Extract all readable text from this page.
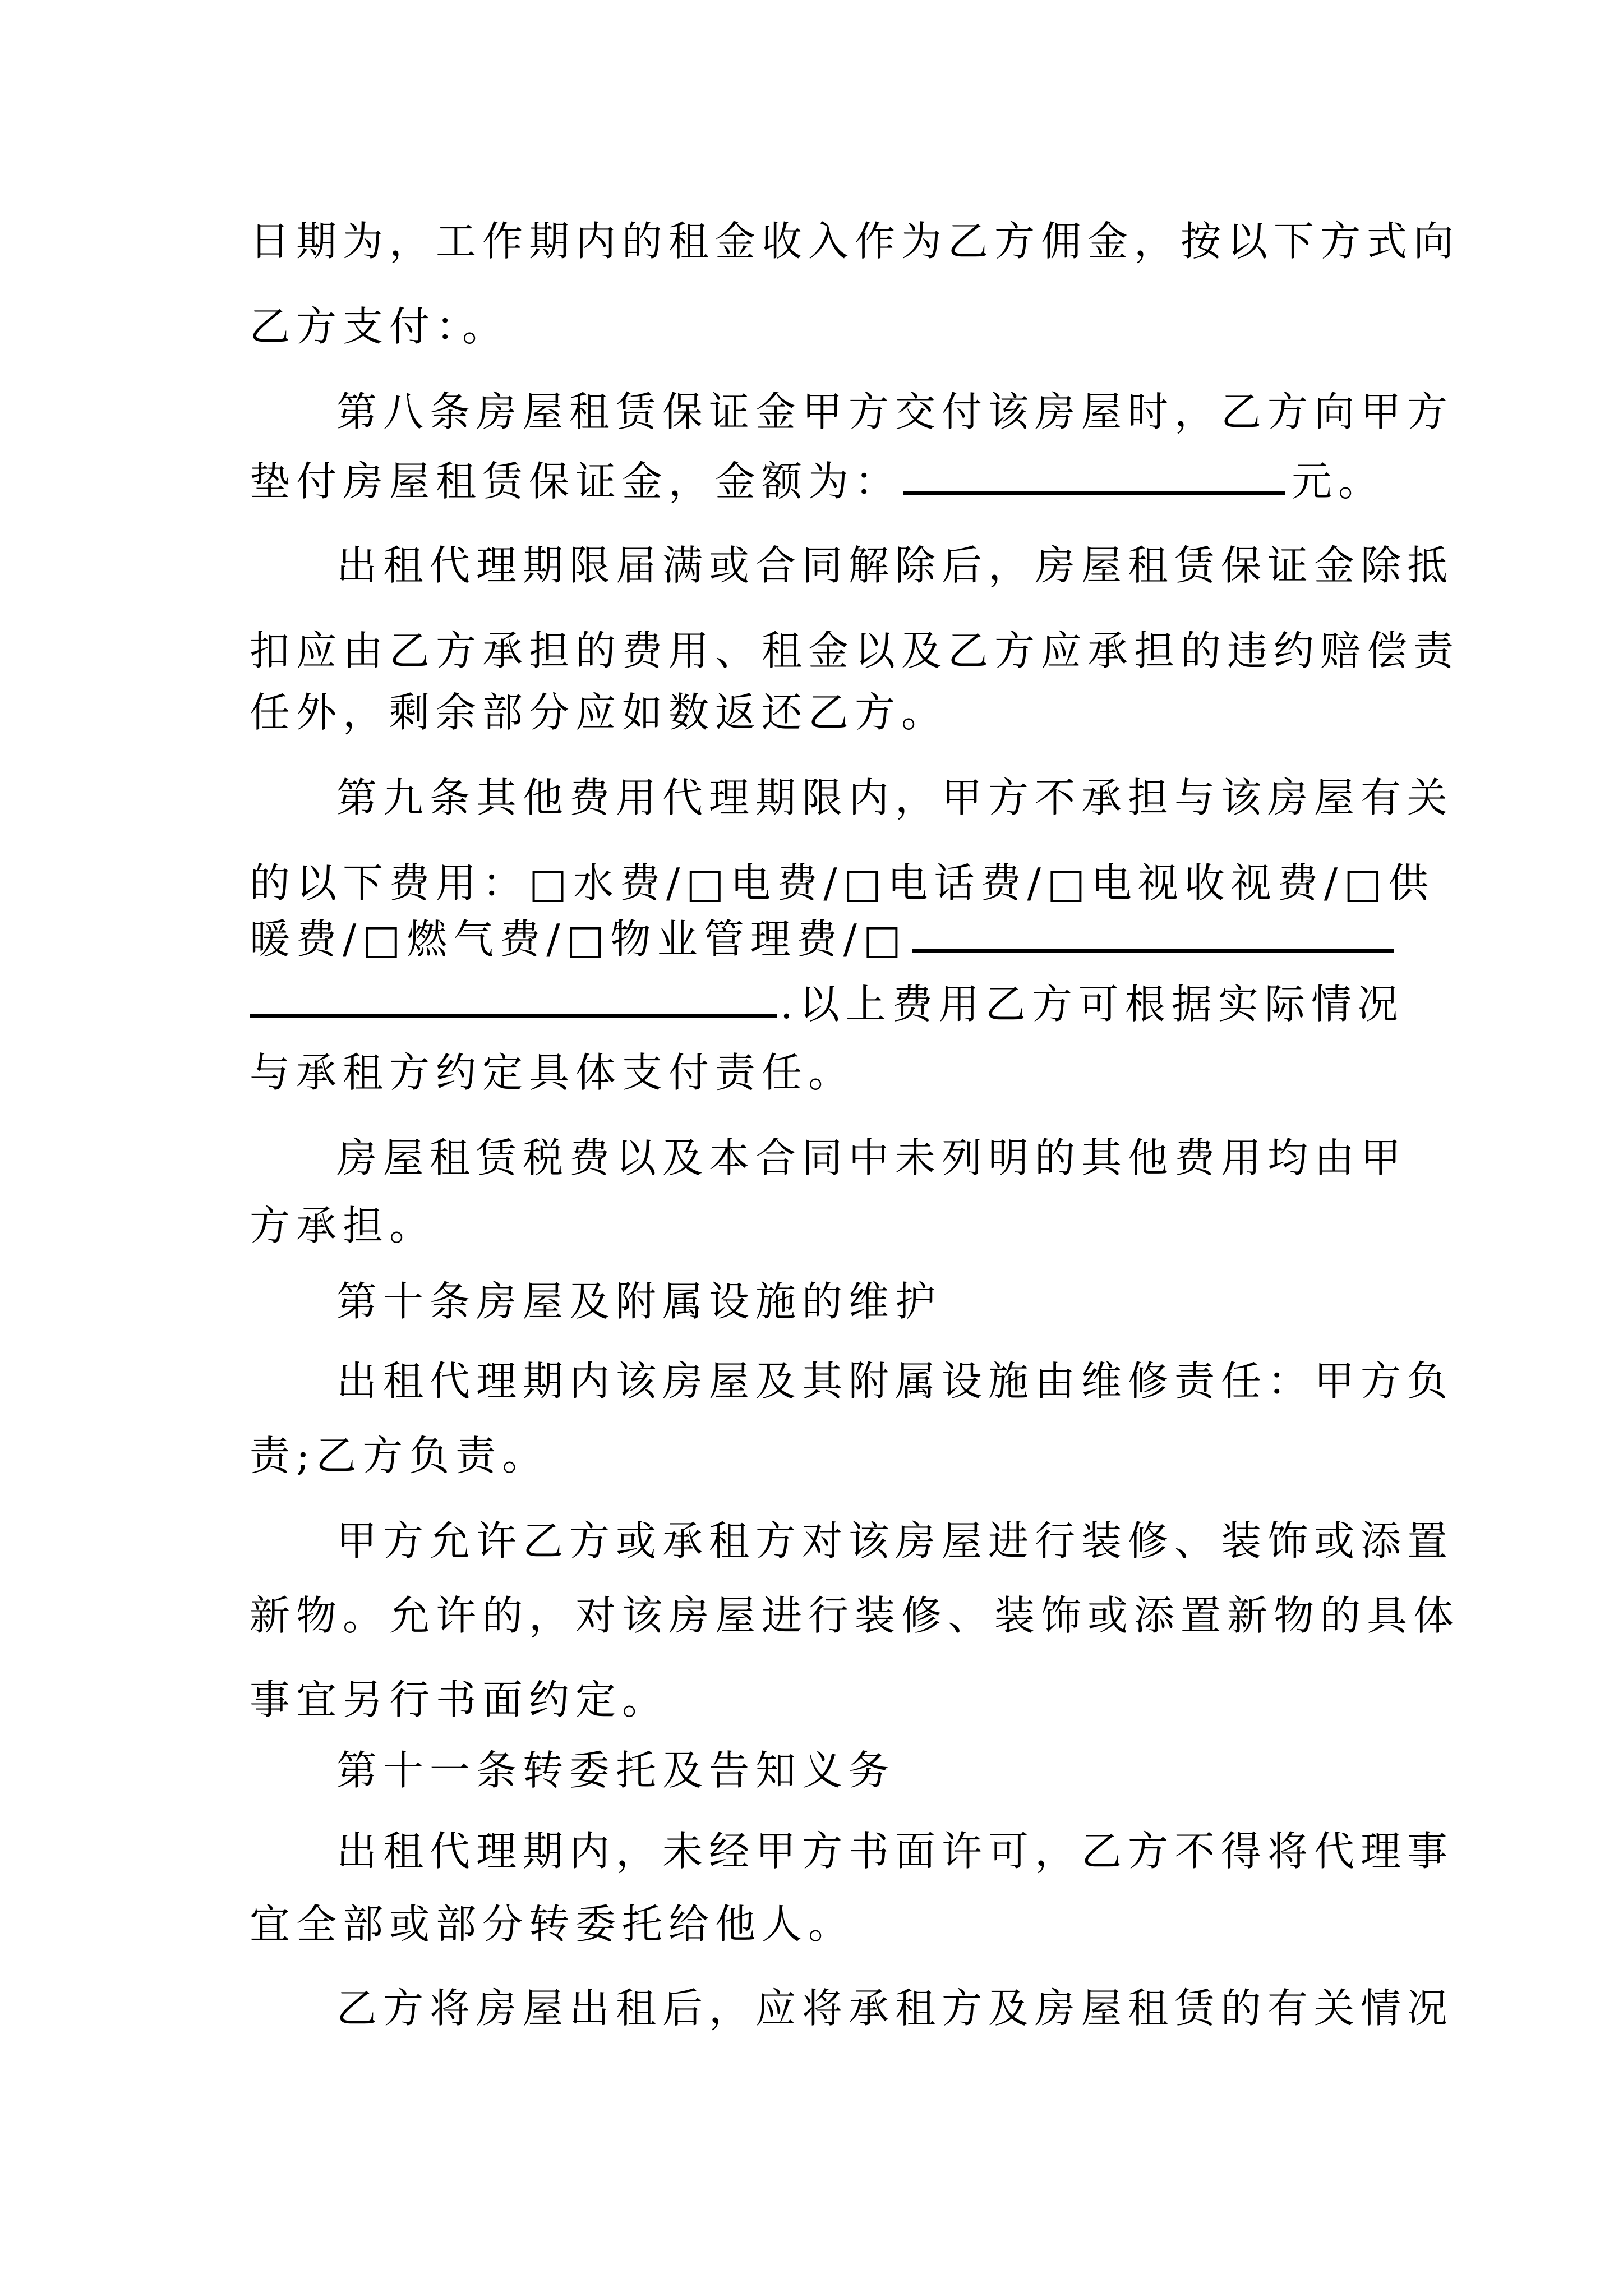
日期为，工作期内的租金收入作为乙方佣金，按以下方式向
乙方支付：。
第八条房屋租赁保证金甲方交付该房屋时，乙方向甲方
垫付房屋租赁保证金，金额为：	元。
出租代理期限届满或合同解除后，房屋租赁保证金除抵
扣应由乙方承担的费用、租金以及乙方应承担的违约赔偿责
任外，剩余部分应如数返还乙方。
第九条其他费用代理期限内，甲方不承担与该房屋有关
的以下费用：□水费/□电费/□电话费/□电视收视费/□供
暖费/□燃气费/□物业管理费/□
.以上费用乙方可根据实际情况
与承租方约定具体支付责任。
房屋租赁税费以及本合同中未列明的其他费用均由甲
方承担。
第十条房屋及附属设施的维护
出租代理期内该房屋及其附属设施由维修责任：甲方负
责;乙方负责。
甲方允许乙方或承租方对该房屋进行装修、装饰或添置
新物。允许的，对该房屋进行装修、装饰或添置新物的具体
事宜另行书面约定。
第十一条转委托及告知义务
出租代理期内，未经甲方书面许可，乙方不得将代理事
宜全部或部分转委托给他人。
乙方将房屋出租后，应将承租方及房屋租赁的有关情况
